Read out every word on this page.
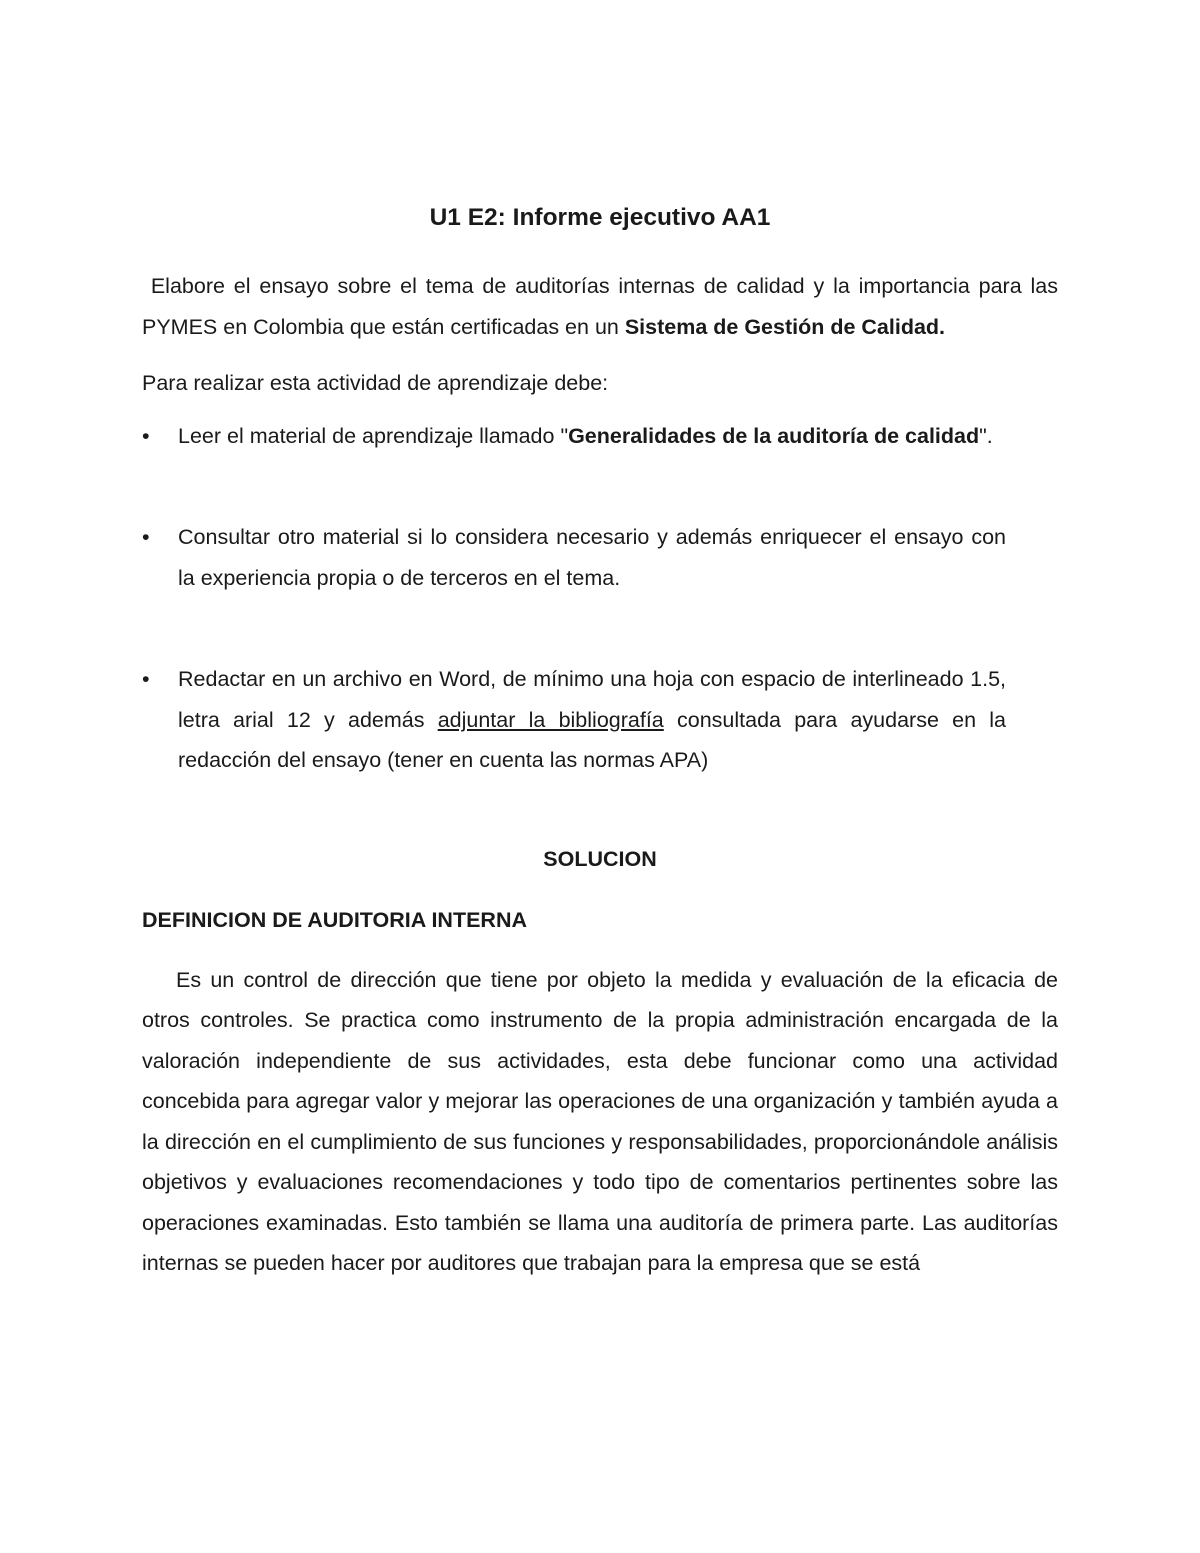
U1 E2: Informe ejecutivo AA1

Elabore el ensayo sobre el tema de auditorías internas de calidad y la importancia para las PYMES en Colombia que están certificadas en un Sistema de Gestión de Calidad.

Para realizar esta actividad de aprendizaje debe:

•	Leer el material de aprendizaje llamado "Generalidades de la auditoría de calidad".
•	Consultar otro material si lo considera necesario y además enriquecer el ensayo con la experiencia propia o de terceros en el tema.
•	Redactar en un archivo en Word, de mínimo una hoja con espacio de interlineado 1.5, letra arial 12 y además adjuntar la bibliografía consultada para ayudarse en la redacción del ensayo (tener en cuenta las normas APA)

SOLUCION

DEFINICION DE AUDITORIA INTERNA

Es un control de dirección que tiene por objeto la medida y evaluación de la eficacia de otros controles. Se practica como instrumento de la propia administración encargada de la valoración independiente de sus actividades, esta debe funcionar como una actividad concebida para agregar valor y mejorar las operaciones de una organización y también ayuda a la dirección en el cumplimiento de sus funciones y responsabilidades, proporcionándole análisis objetivos y evaluaciones recomendaciones y todo tipo de comentarios pertinentes sobre las operaciones examinadas. Esto también se llama una auditoría de primera parte. Las auditorías internas se pueden hacer por auditores que trabajan para la empresa que se está
